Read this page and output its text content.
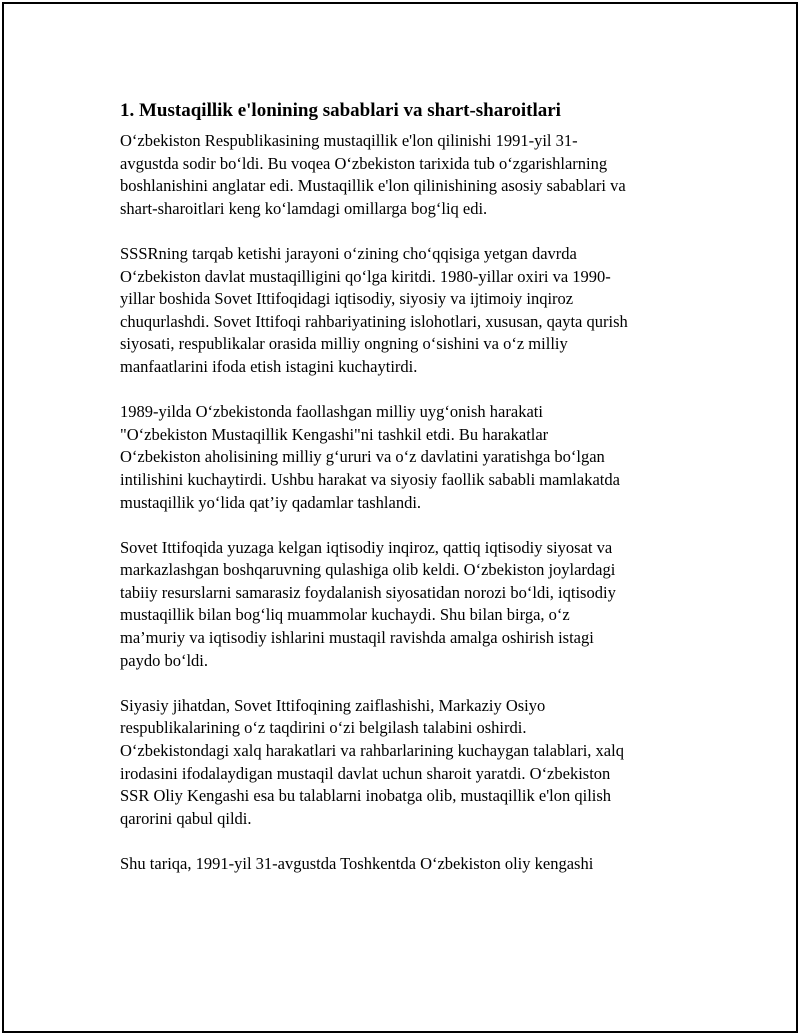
1. Mustaqillik e'lonining sabablari va shart-sharoitlari

O‘zbekiston Respublikasining mustaqillik e'lon qilinishi 1991-yil 31-
avgustda sodir bo‘ldi. Bu voqea O‘zbekiston tarixida tub o‘zgarishlarning
boshlanishini anglatar edi. Mustaqillik e'lon qilinishining asosiy sabablari va
shart-sharoitlari keng ko‘lamdagi omillarga bog‘liq edi.

SSSRning tarqab ketishi jarayoni o‘zining cho‘qqisiga yetgan davrda
O‘zbekiston davlat mustaqilligini qo‘lga kiritdi. 1980-yillar oxiri va 1990-
yillar boshida Sovet Ittifoqidagi iqtisodiy, siyosiy va ijtimoiy inqiroz
chuqurlashdi. Sovet Ittifoqi rahbariyatining islohotlari, xususan, qayta qurish
siyosati, respublikalar orasida milliy ongning o‘sishini va o‘z milliy
manfaatlarini ifoda etish istagini kuchaytirdi.

1989-yilda O‘zbekistonda faollashgan milliy uyg‘onish harakati
"O‘zbekiston Mustaqillik Kengashi"ni tashkil etdi. Bu harakatlar
O‘zbekiston aholisining milliy g‘ururi va o‘z davlatini yaratishga bo‘lgan
intilishini kuchaytirdi. Ushbu harakat va siyosiy faollik sababli mamlakatda
mustaqillik yo‘lida qat’iy qadamlar tashlandi.

Sovet Ittifoqida yuzaga kelgan iqtisodiy inqiroz, qattiq iqtisodiy siyosat va
markazlashgan boshqaruvning qulashiga olib keldi. O‘zbekiston joylardagi
tabiiy resurslarni samarasiz foydalanish siyosatidan norozi bo‘ldi, iqtisodiy
mustaqillik bilan bog‘liq muammolar kuchaydi. Shu bilan birga, o‘z
ma’muriy va iqtisodiy ishlarini mustaqil ravishda amalga oshirish istagi
paydo bo‘ldi.

Siyasiy jihatdan, Sovet Ittifoqining zaiflashishi, Markaziy Osiyo
respublikalarining o‘z taqdirini o‘zi belgilash talabini oshirdi.
O‘zbekistondagi xalq harakatlari va rahbarlarining kuchaygan talablari, xalq
irodasini ifodalaydigan mustaqil davlat uchun sharoit yaratdi. O‘zbekiston
SSR Oliy Kengashi esa bu talablarni inobatga olib, mustaqillik e'lon qilish
qarorini qabul qildi.

Shu tariqa, 1991-yil 31-avgustda Toshkentda O‘zbekiston oliy kengashi
